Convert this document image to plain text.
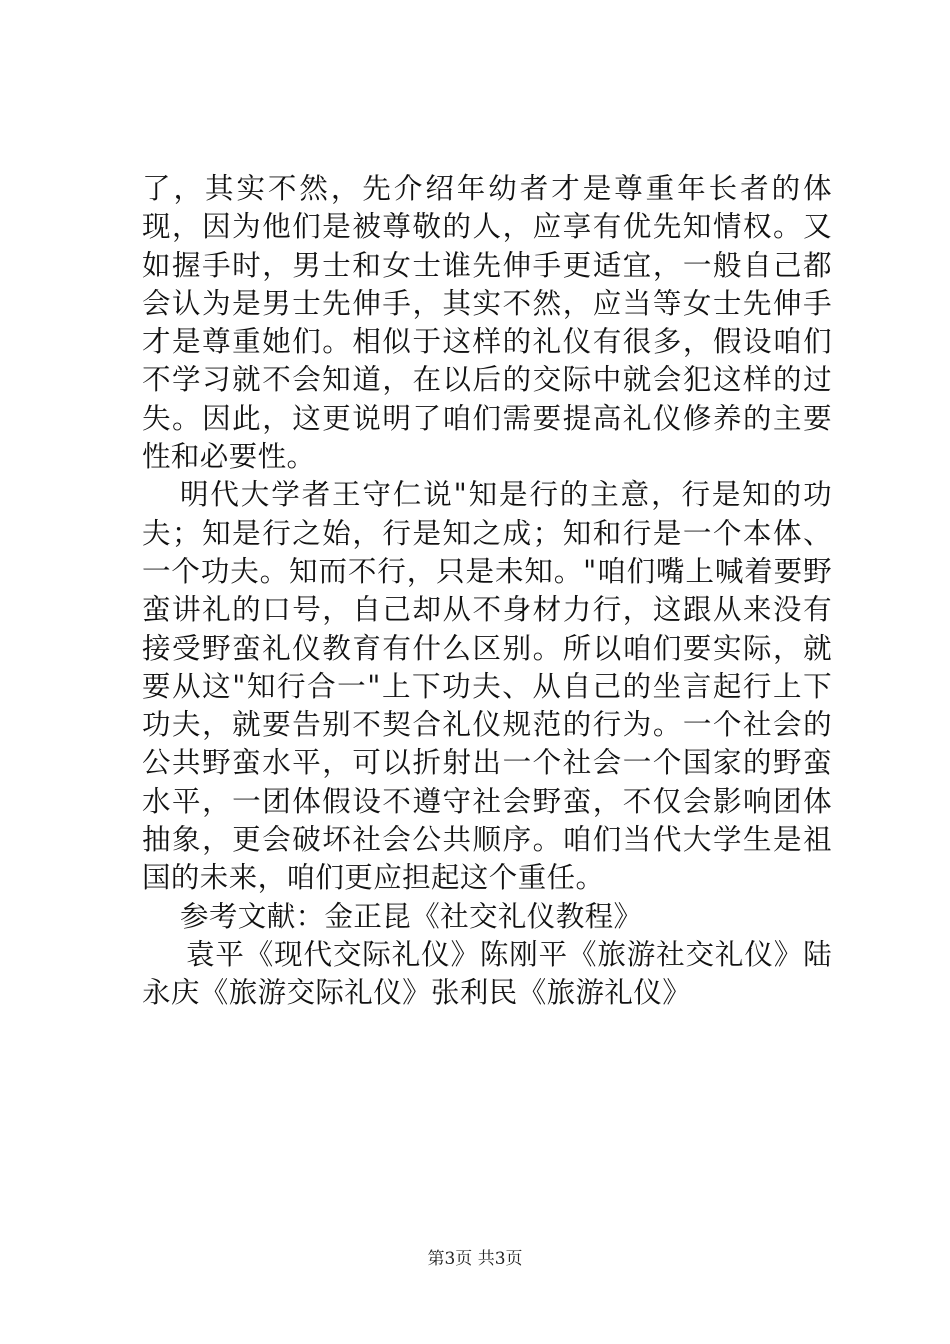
了，其实不然，先介绍年幼者才是尊重年长者的体现，因为他们是被尊敬的人，应享有优先知情权。又如握手时，男士和女士谁先伸手更适宜，一般自己都会认为是男士先伸手，其实不然，应当等女士先伸手才是尊重她们。相似于这样的礼仪有很多，假设咱们不学习就不会知道，在以后的交际中就会犯这样的过失。因此，这更说明了咱们需要提高礼仪修养的主要性和必要性。

明代大学者王守仁说"知是行的主意，行是知的功夫；知是行之始，行是知之成；知和行是一个本体、一个功夫。知而不行，只是未知。"咱们嘴上喊着要野蛮讲礼的口号，自己却从不身材力行，这跟从来没有接受野蛮礼仪教育有什么区别。所以咱们要实际，就要从这"知行合一"上下功夫、从自己的坐言起行上下功夫，就要告别不契合礼仪规范的行为。一个社会的公共野蛮水平，可以折射出一个社会一个国家的野蛮水平，一团体假设不遵守社会野蛮，不仅会影响团体抽象，更会破坏社会公共顺序。咱们当代大学生是祖国的未来，咱们更应担起这个重任。

参考文献：金正昆《社交礼仪教程》

袁平《现代交际礼仪》陈刚平《旅游社交礼仪》陆永庆《旅游交际礼仪》张利民《旅游礼仪》

第3页 共3页
